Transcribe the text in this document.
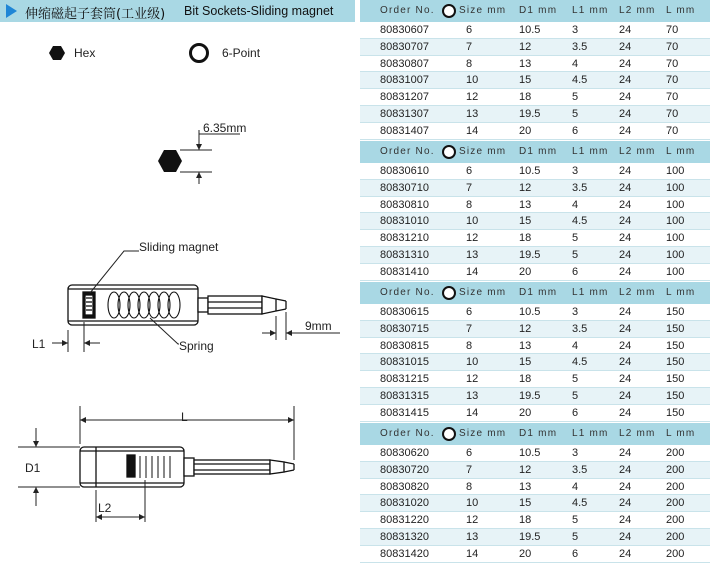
伸缩磁起子套筒(工业级) Bit Sockets-Sliding magnet
Hex	6-Point
6.35mm
Sliding magnet
Spring
L1
9mm
L
D1
L2
Order No. Size mm D1 mm L1 mm L2 mm L mm
80830607	6	10.5	3	24	70
80830707	7	12	3.5	24	70
80830807	8	13	4	24	70
80831007	10	15	4.5	24	70
80831207	12	18	5	24	70
80831307	13	19.5	5	24	70
80831407	14	20	6	24	70
Order No. Size mm D1 mm L1 mm L2 mm L mm
80830610	6	10.5	3	24	100
80830710	7	12	3.5	24	100
80830810	8	13	4	24	100
80831010	10	15	4.5	24	100
80831210	12	18	5	24	100
80831310	13	19.5	5	24	100
80831410	14	20	6	24	100
Order No. Size mm D1 mm L1 mm L2 mm L mm
80830615	6	10.5	3	24	150
80830715	7	12	3.5	24	150
80830815	8	13	4	24	150
80831015	10	15	4.5	24	150
80831215	12	18	5	24	150
80831315	13	19.5	5	24	150
80831415	14	20	6	24	150
Order No. Size mm D1 mm L1 mm L2 mm L mm
80830620	6	10.5	3	24	200
80830720	7	12	3.5	24	200
80830820	8	13	4	24	200
80831020	10	15	4.5	24	200
80831220	12	18	5	24	200
80831320	13	19.5	5	24	200
80831420	14	20	6	24	200
